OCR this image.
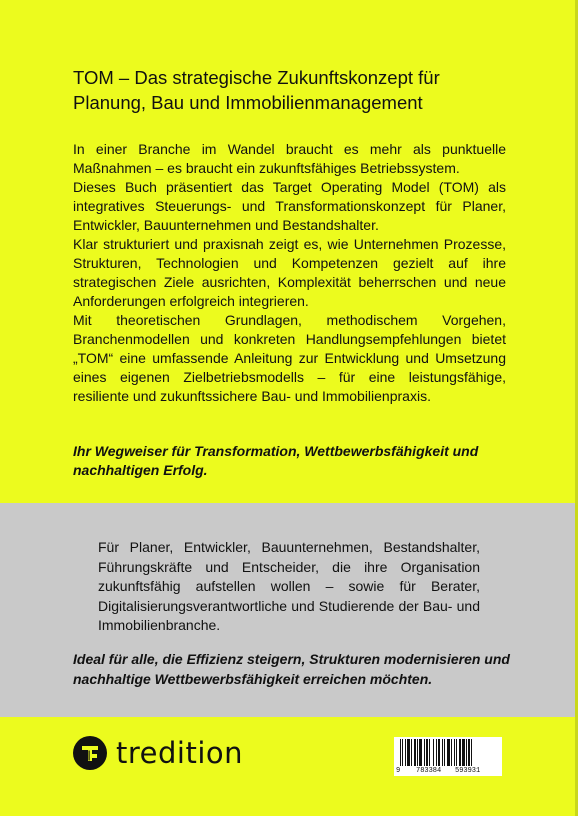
TOM – Das strategische Zukunftskonzept für Planung, Bau und Immobilienmanagement

In einer Branche im Wandel braucht es mehr als punktuelle Maßnahmen – es braucht ein zukunftsfähiges Betriebssystem.

Dieses Buch präsentiert das Target Operating Model (TOM) als integratives Steuerungs- und Transformationskonzept für Planer, Entwickler, Bauunternehmen und Bestandshalter.

Klar strukturiert und praxisnah zeigt es, wie Unternehmen Prozesse, Strukturen, Technologien und Kompetenzen gezielt auf ihre strategischen Ziele ausrichten, Komplexität beherrschen und neue Anforderungen erfolgreich integrieren.

Mit theoretischen Grundlagen, methodischem Vorgehen, Branchenmodellen und konkreten Handlungsempfehlungen bietet „TOM“ eine umfassende Anleitung zur Entwicklung und Umsetzung eines eigenen Zielbetriebsmodells – für eine leistungsfähige, resiliente und zukunftssichere Bau- und Immobilienpraxis.

Ihr Wegweiser für Transformation, Wettbewerbsfähigkeit und nachhaltigen Erfolg.
Für Planer, Entwickler, Bauunternehmen, Bestandshalter, Führungskräfte und Entscheider, die ihre Organisation zukunftsfähig aufstellen wollen – sowie für Berater, Digitalisierungsverantwortliche und Studierende der Bau- und Immobilienbranche.
Ideal für alle, die Effizienz steigern, Strukturen modernisieren und nachhaltige Wettbewerbsfähigkeit erreichen möchten.
tredition
9 783384 593931
